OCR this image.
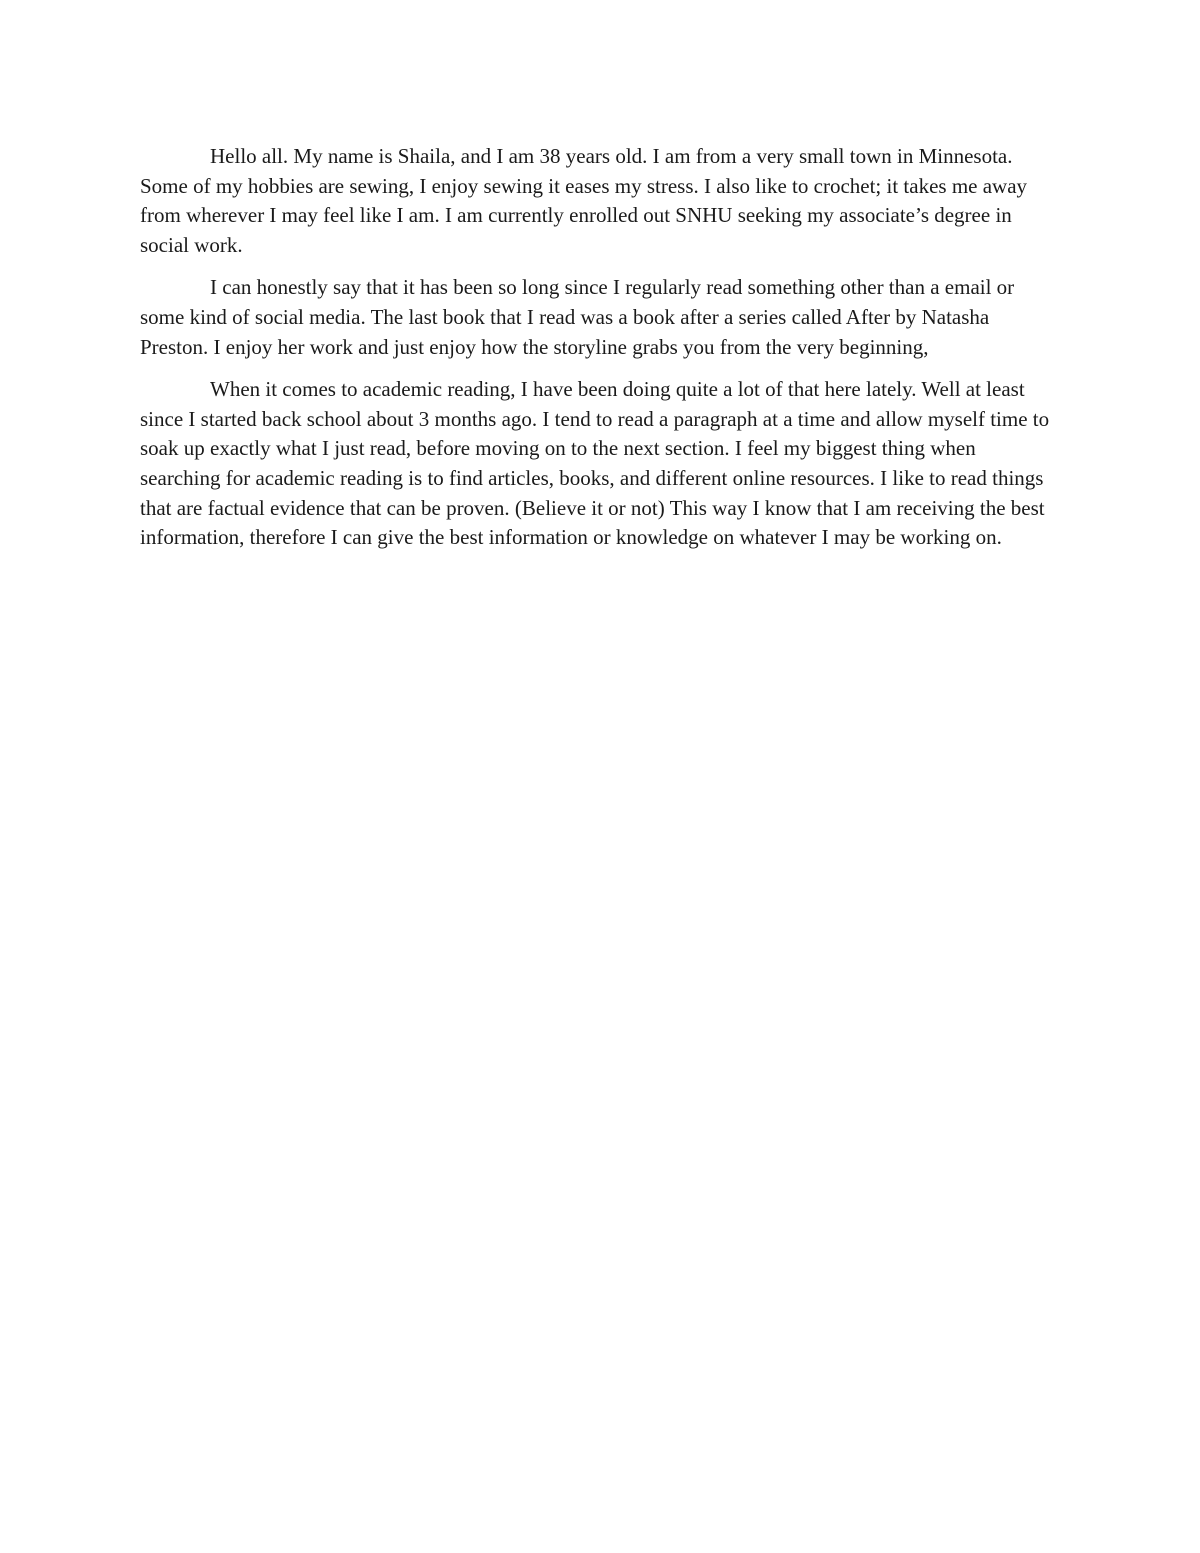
Hello all. My name is Shaila, and I am 38 years old. I am from a very small town in Minnesota. Some of my hobbies are sewing, I enjoy sewing it eases my stress. I also like to crochet; it takes me away from wherever I may feel like I am. I am currently enrolled out SNHU seeking my associate’s degree in social work.

I can honestly say that it has been so long since I regularly read something other than a email or some kind of social media. The last book that I read was a book after a series called After by Natasha Preston. I enjoy her work and just enjoy how the storyline grabs you from the very beginning,

When it comes to academic reading, I have been doing quite a lot of that here lately. Well at least since I started back school about 3 months ago. I tend to read a paragraph at a time and allow myself time to soak up exactly what I just read, before moving on to the next section. I feel my biggest thing when searching for academic reading is to find articles, books, and different online resources. I like to read things that are factual evidence that can be proven. (Believe it or not) This way I know that I am receiving the best information, therefore I can give the best information or knowledge on whatever I may be working on.
